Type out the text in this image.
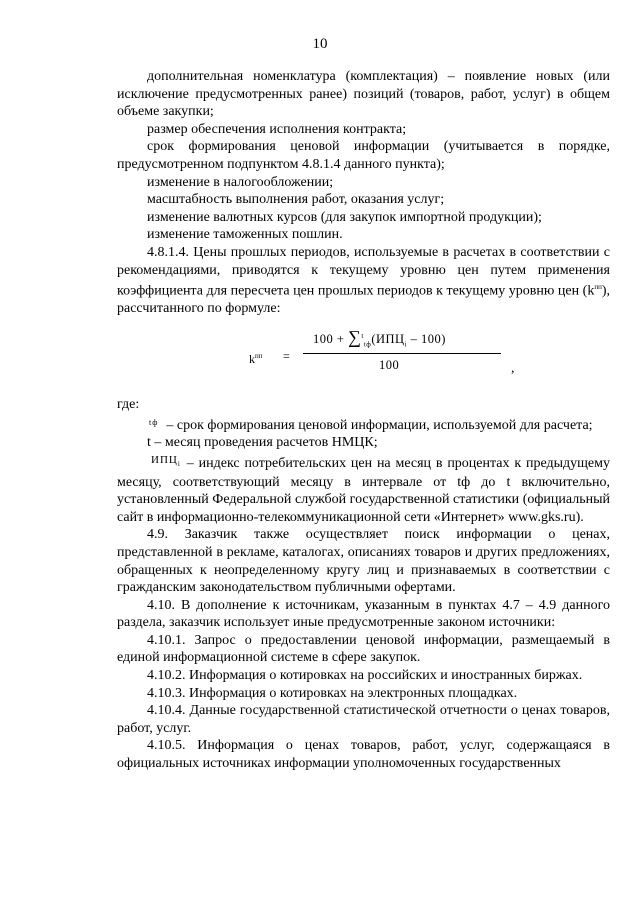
10

дополнительная номенклатура (комплектация) – появление новых (или исключение предусмотренных ранее) позиций (товаров, работ, услуг) в общем объеме закупки;

размер обеспечения исполнения контракта;

срок формирования ценовой информации (учитывается в порядке, предусмотренном подпунктом 4.8.1.4 данного пункта);

изменение в налогообложении;

масштабность выполнения работ, оказания услуг;

изменение валютных курсов (для закупок импортной продукции);

изменение таможенных пошлин.

4.8.1.4. Цены прошлых периодов, используемые в расчетах в соответствии с рекомендациями, приводятся к текущему уровню цен путем применения коэффициента для пересчета цен прошлых периодов к текущему уровню цен $(k^{пп})$, рассчитанного по формуле:

$k^{пп}$ =
$100 + \sum^t_{tф}(ИПЦ_i - 100)$
100	,

где:

$^{tф}$ – срок формирования ценовой информации, используемой для расчета;

t – месяц проведения расчетов НМЦК;

$^{ИПЦ_i}$ – индекс потребительских цен на месяц в процентах к предыдущему месяцу, соответствующий месяцу в интервале от tф до t включительно, установленный Федеральной службой государственной статистики (официальный сайт в информационно-телекоммуникационной сети «Интернет» www.gks.ru).

4.9. Заказчик также осуществляет поиск информации о ценах, представленной в рекламе, каталогах, описаниях товаров и других предложениях, обращенных к неопределенному кругу лиц и признаваемых в соответствии с гражданским законодательством публичными офертами.

4.10. В дополнение к источникам, указанным в пунктах 4.7 – 4.9 данного раздела, заказчик использует иные предусмотренные законом источники:

4.10.1. Запрос о предоставлении ценовой информации, размещаемый в единой информационной системе в сфере закупок.

4.10.2. Информация о котировках на российских и иностранных биржах.

4.10.3. Информация о котировках на электронных площадках.

4.10.4. Данные государственной статистической отчетности о ценах товаров, работ, услуг.

4.10.5. Информация о ценах товаров, работ, услуг, содержащаяся в официальных источниках информации уполномоченных государственных
